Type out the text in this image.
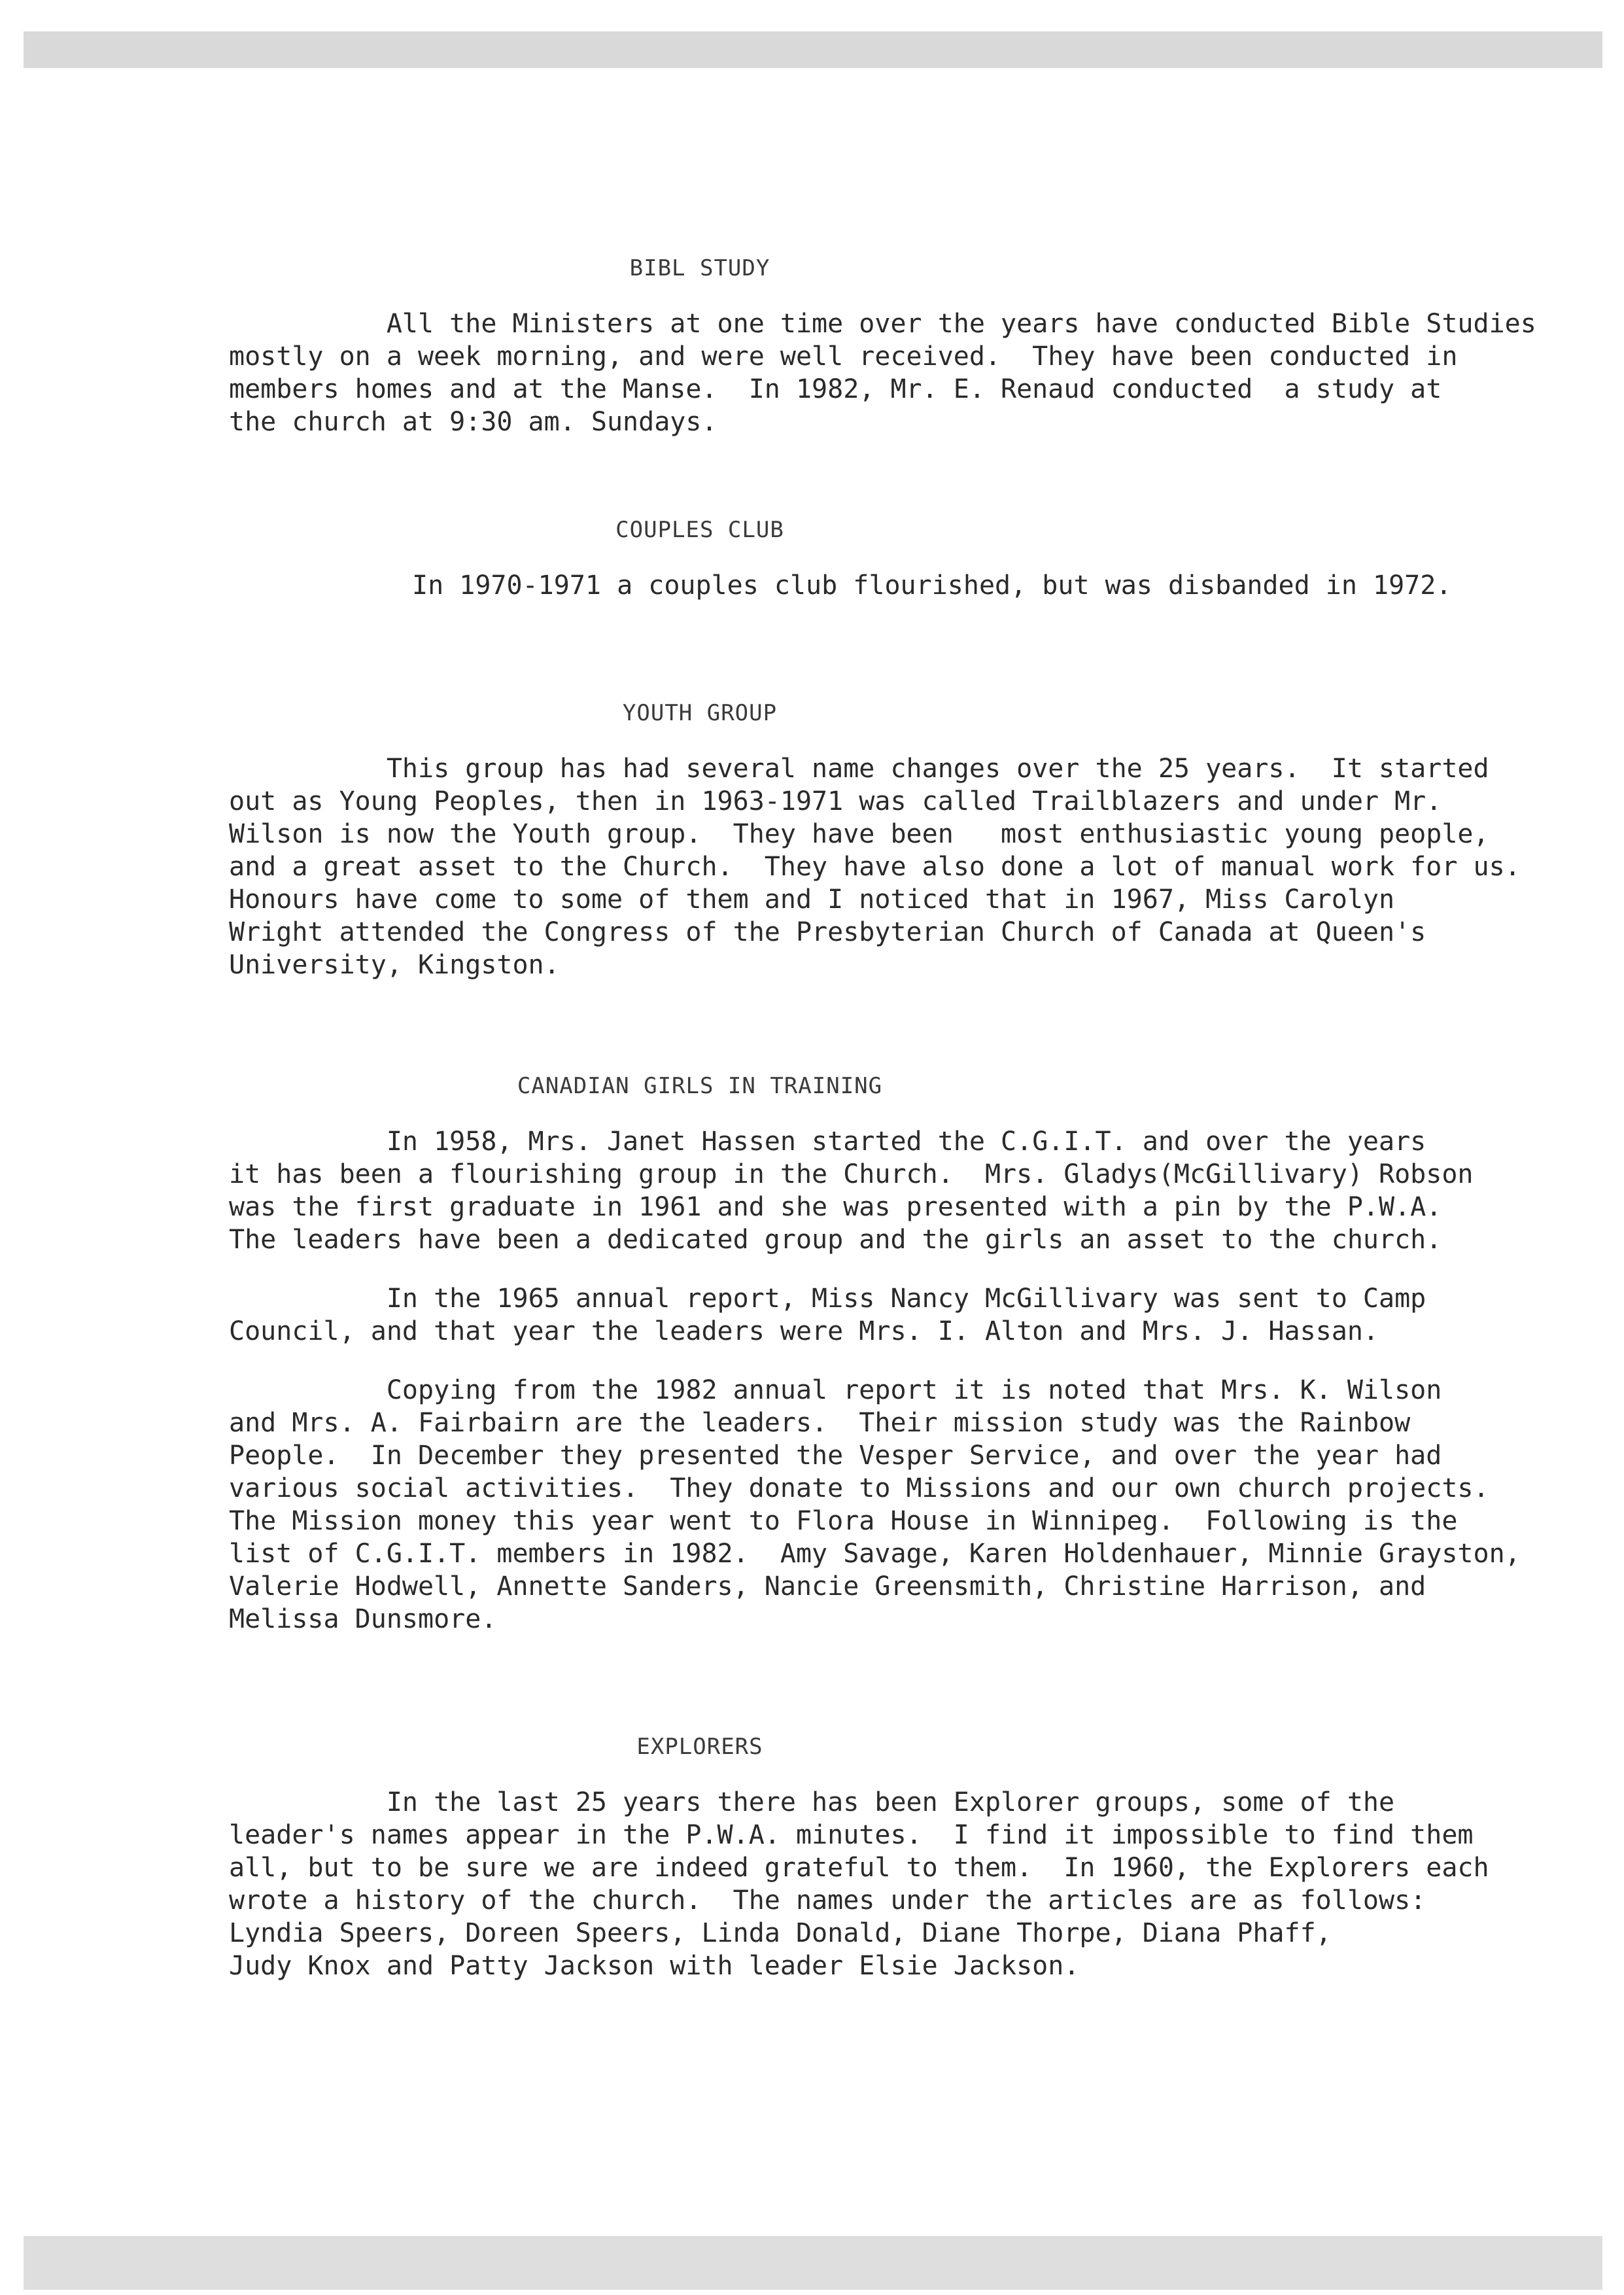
BIBL STUDY
All the Ministers at one time over the years have conducted Bible Studies
mostly on a week morning, and were well received.  They have been conducted in
members homes and at the Manse.  In 1982, Mr. E. Renaud conducted  a study at
the church at 9:30 am. Sundays.
COUPLES CLUB
In 1970-1971 a couples club flourished, but was disbanded in 1972.
YOUTH GROUP
This group has had several name changes over the 25 years.  It started
out as Young Peoples, then in 1963-1971 was called Trailblazers and under Mr.
Wilson is now the Youth group.  They have been   most enthusiastic young people,
and a great asset to the Church.  They have also done a lot of manual work for us.
Honours have come to some of them and I noticed that in 1967, Miss Carolyn
Wright attended the Congress of the Presbyterian Church of Canada at Queen's
University, Kingston.
CANADIAN GIRLS IN TRAINING
In 1958, Mrs. Janet Hassen started the C.G.I.T. and over the years
it has been a flourishing group in the Church.  Mrs. Gladys(McGillivary) Robson
was the first graduate in 1961 and she was presented with a pin by the P.W.A.
The leaders have been a dedicated group and the girls an asset to the church.
In the 1965 annual report, Miss Nancy McGillivary was sent to Camp
Council, and that year the leaders were Mrs. I. Alton and Mrs. J. Hassan.
Copying from the 1982 annual report it is noted that Mrs. K. Wilson
and Mrs. A. Fairbairn are the leaders.  Their mission study was the Rainbow
People.  In December they presented the Vesper Service, and over the year had
various social activities.  They donate to Missions and our own church projects.
The Mission money this year went to Flora House in Winnipeg.  Following is the
list of C.G.I.T. members in 1982.  Amy Savage, Karen Holdenhauer, Minnie Grayston,
Valerie Hodwell, Annette Sanders, Nancie Greensmith, Christine Harrison, and
Melissa Dunsmore.
EXPLORERS
In the last 25 years there has been Explorer groups, some of the
leader's names appear in the P.W.A. minutes.  I find it impossible to find them
all, but to be sure we are indeed grateful to them.  In 1960, the Explorers each
wrote a history of the church.  The names under the articles are as follows:
Lyndia Speers, Doreen Speers, Linda Donald, Diane Thorpe, Diana Phaff,
Judy Knox and Patty Jackson with leader Elsie Jackson.
